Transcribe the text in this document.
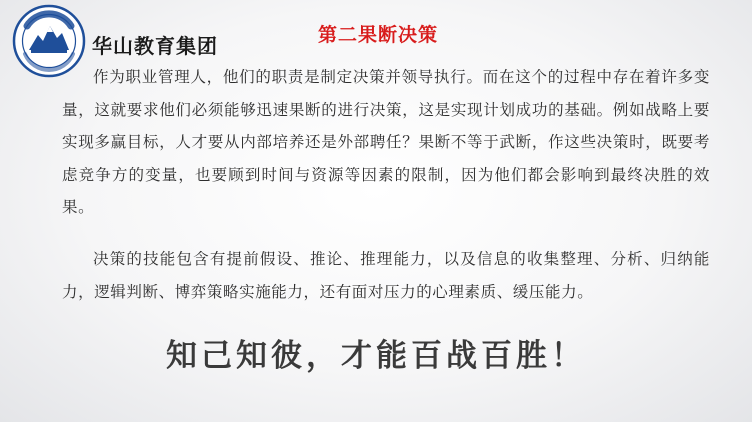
华山教育集团	第二果断决策

作为职业管理人，他们的职责是制定决策并领导执行。而在这个的过程中存在着许多变量，这就要求他们必须能够迅速果断的进行决策，这是实现计划成功的基础。例如战略上要实现多赢目标，人才要从内部培养还是外部聘任？果断不等于武断，作这些决策时，既要考虑竞争方的变量，也要顾到时间与资源等因素的限制，因为他们都会影响到最终决胜的效果。

决策的技能包含有提前假设、推论、推理能力，以及信息的收集整理、分析、归纳能力，逻辑判断、博弈策略实施能力，还有面对压力的心理素质、缓压能力。

知己知彼，才能百战百胜！
